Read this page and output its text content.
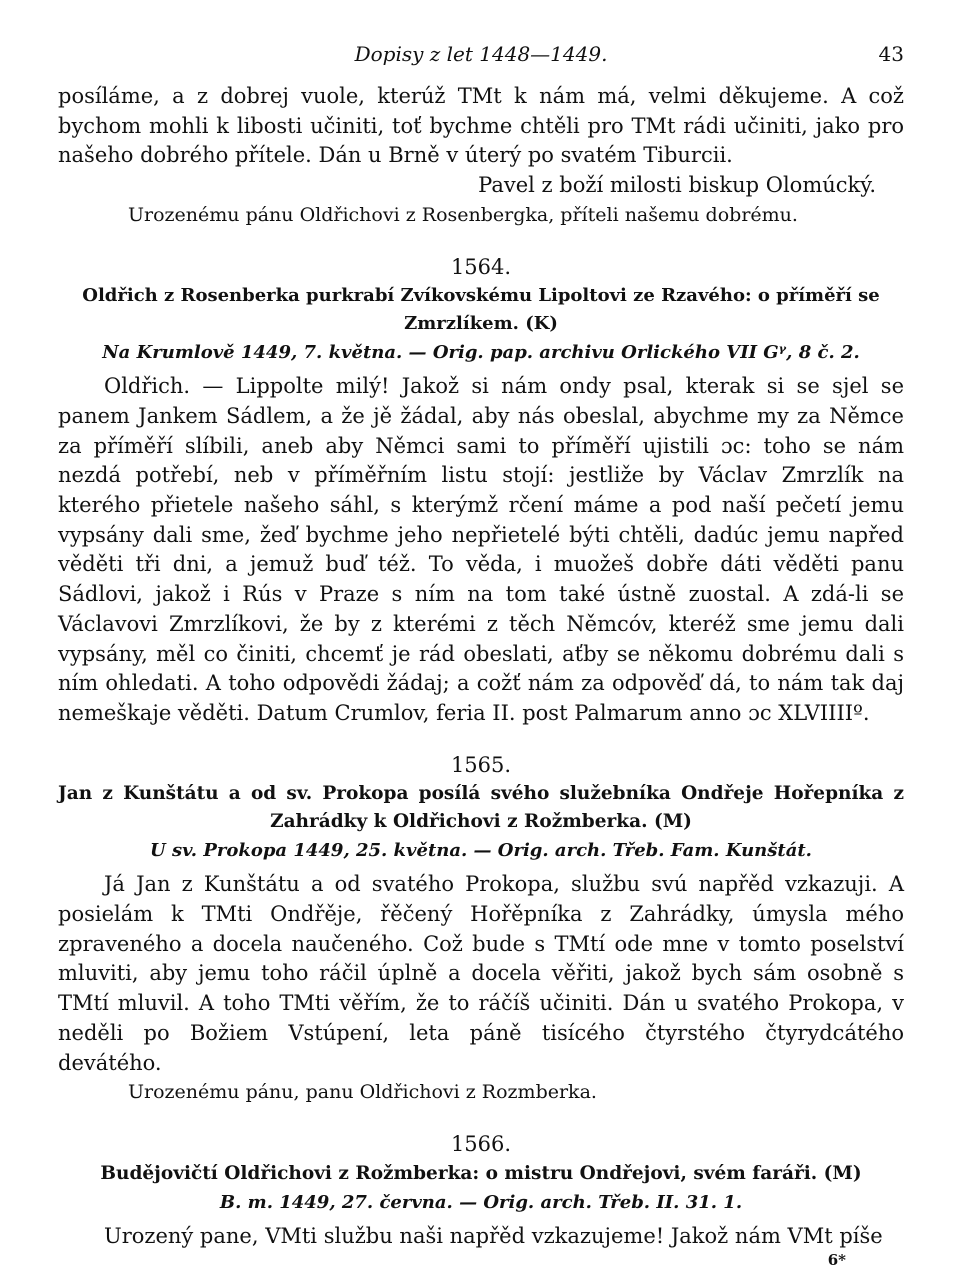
Dopisy z let 1448—1449.	43

posíláme, a z dobrej vuole, kterúž TMt k nám má, velmi děkujeme. A což bychom mohli k libosti učiniti, toť bychme chtěli pro TMt rádi učiniti, jako pro našeho dobrého přítele. Dán u Brně v úterý po svatém Tiburcii.

Pavel z boží milosti biskup Olomúcký.

Urozenému pánu Oldřichovi z Rosenbergka, příteli našemu dobrému.

1564.

Oldřich z Rosenberka purkrabí Zvíkovskému Lipoltovi ze Rzavého: o příměří se Zmrzlíkem. (K)

Na Krumlově 1449, 7. května. — Orig. pap. archivu Orlického VII Gᵞ, 8 č. 2.

Oldřich. — Lippolte milý! Jakož si nám ondy psal, kterak si se sjel se panem Jankem Sádlem, a že jě žádal, aby nás obeslal, abychme my za Němce za příměří slíbili, aneb aby Němci sami to příměří ujistili ɔc: toho se nám nezdá potřebí, neb v příměřním listu stojí: jestliže by Václav Zmrzlík na kterého přietele našeho sáhl, s kterýmž rčení máme a pod naší pečetí jemu vypsány dali sme, žeď bychme jeho nepřietelé býti chtěli, dadúc jemu napřed věděti tři dni, a jemuž buď též. To věda, i muožeš dobře dáti věděti panu Sádlovi, jakož i Rús v Praze s ním na tom také ústně zuostal. A zdá-li se Václavovi Zmrzlíkovi, že by z kterémi z těch Němcóv, kteréž sme jemu dali vypsány, měl co činiti, chcemť je rád obeslati, aťby se někomu dobrému dali s ním ohledati. A toho odpovědi žádaj; a cožť nám za odpověď dá, to nám tak daj nemeškaje věděti. Datum Crumlov, feria II. post Palmarum anno ɔc XLVIIIIº.

1565.

Jan z Kunštátu a od sv. Prokopa posílá svého služebníka Ondřeje Hořepníka z Zahrádky k Oldřichovi z Rožmberka. (M)

U sv. Prokopa 1449, 25. května. — Orig. arch. Třeb. Fam. Kunštát.

Já Jan z Kunštátu a od svatého Prokopa, službu svú napřěd vzkazuji. A posielám k TMti Ondřěje, řěčený Hořěpníka z Zahrádky, úmysla mého zpraveného a docela naučeného. Což bude s TMtí ode mne v tomto poselství mluviti, aby jemu toho ráčil úplně a docela věřiti, jakož bych sám osobně s TMtí mluvil. A toho TMti věřím, že to ráčíš učiniti. Dán u svatého Prokopa, v neděli po Božiem Vstúpení, leta páně tisícého čtyrstého čtyrydcátého devátého.

Urozenému pánu, panu Oldřichovi z Rozmberka.

1566.

Budějovičtí Oldřichovi z Rožmberka: o mistru Ondřejovi, svém faráři. (M)

B. m. 1449, 27. června. — Orig. arch. Třeb. II. 31. 1.

Urozený pane, VMti službu naši napřěd vzkazujeme! Jakož nám VMt píše

6*
